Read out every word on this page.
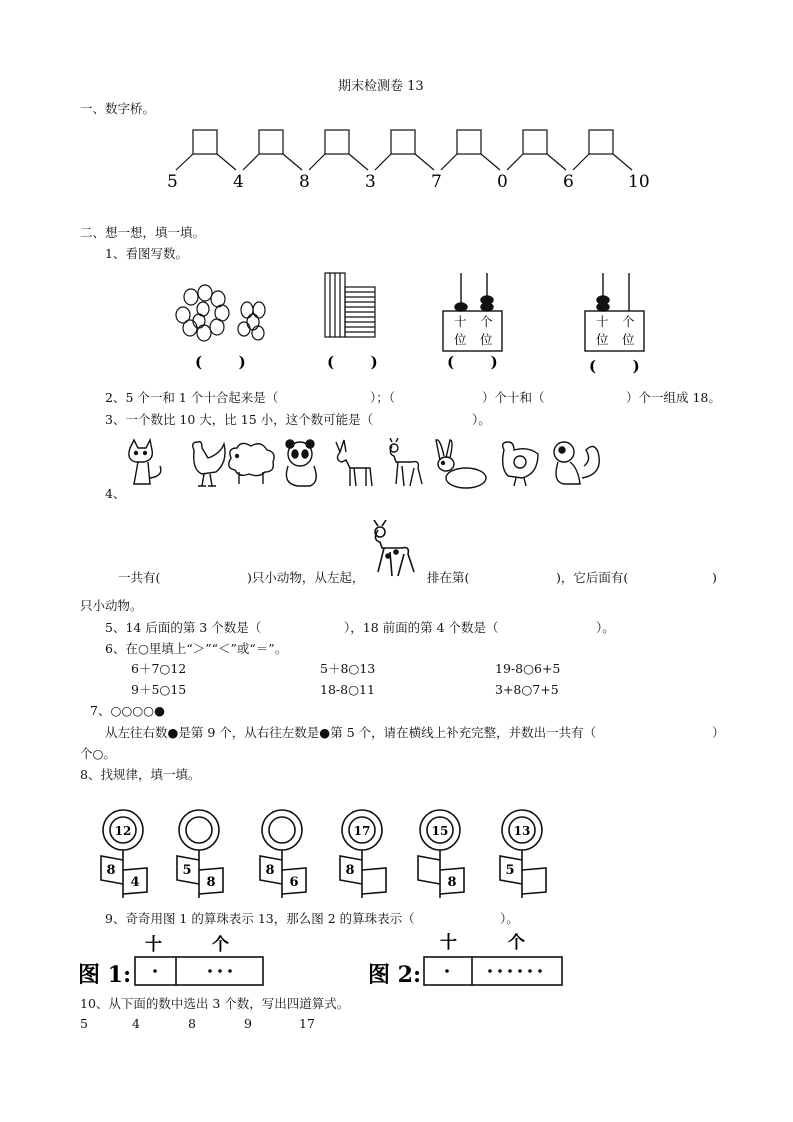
期末检测卷 13
一、数字桥。
5	4	8	3	7	0	6	10
二、想一想，填一填。
1、看图写数。
十 个
位 位
十 个
位 位
(       )	(       )	(       )	(       )
2、5 个一和 1 个十合起来是（	）；（	）个十和（	）个一组成 18。
3、一个数比 10 大，比 15 小，这个数可能是（	）。
4、
一共有(	)只小动物，从左起，	排在第(	)，它后面有(	)
只小动物。
5、14 后面的第 3 个数是（	），18 前面的第 4 个数是（	）。
6、在○里填上“＞”“＜”或“＝”。
6＋7○12	5＋8○13	19-8○6+5
9＋5○15	18-8○11	3+8○7+5
7、○○○○●
从左往右数●是第 9 个，从右往左数是●第 5 个，请在横线上补充完整，并数出一共有（	）
个○。
8、找规律，填一填。
12
8
4
5
8
8
6
17
8
15
8
13
5
9、奇奇用图 1 的算珠表示 13，那么图 2 的算珠表示（	）。
十	个	十	个
图 1:	图 2:
10、从下面的数中选出 3 个数，写出四道算式。
5	4	8	9	17
